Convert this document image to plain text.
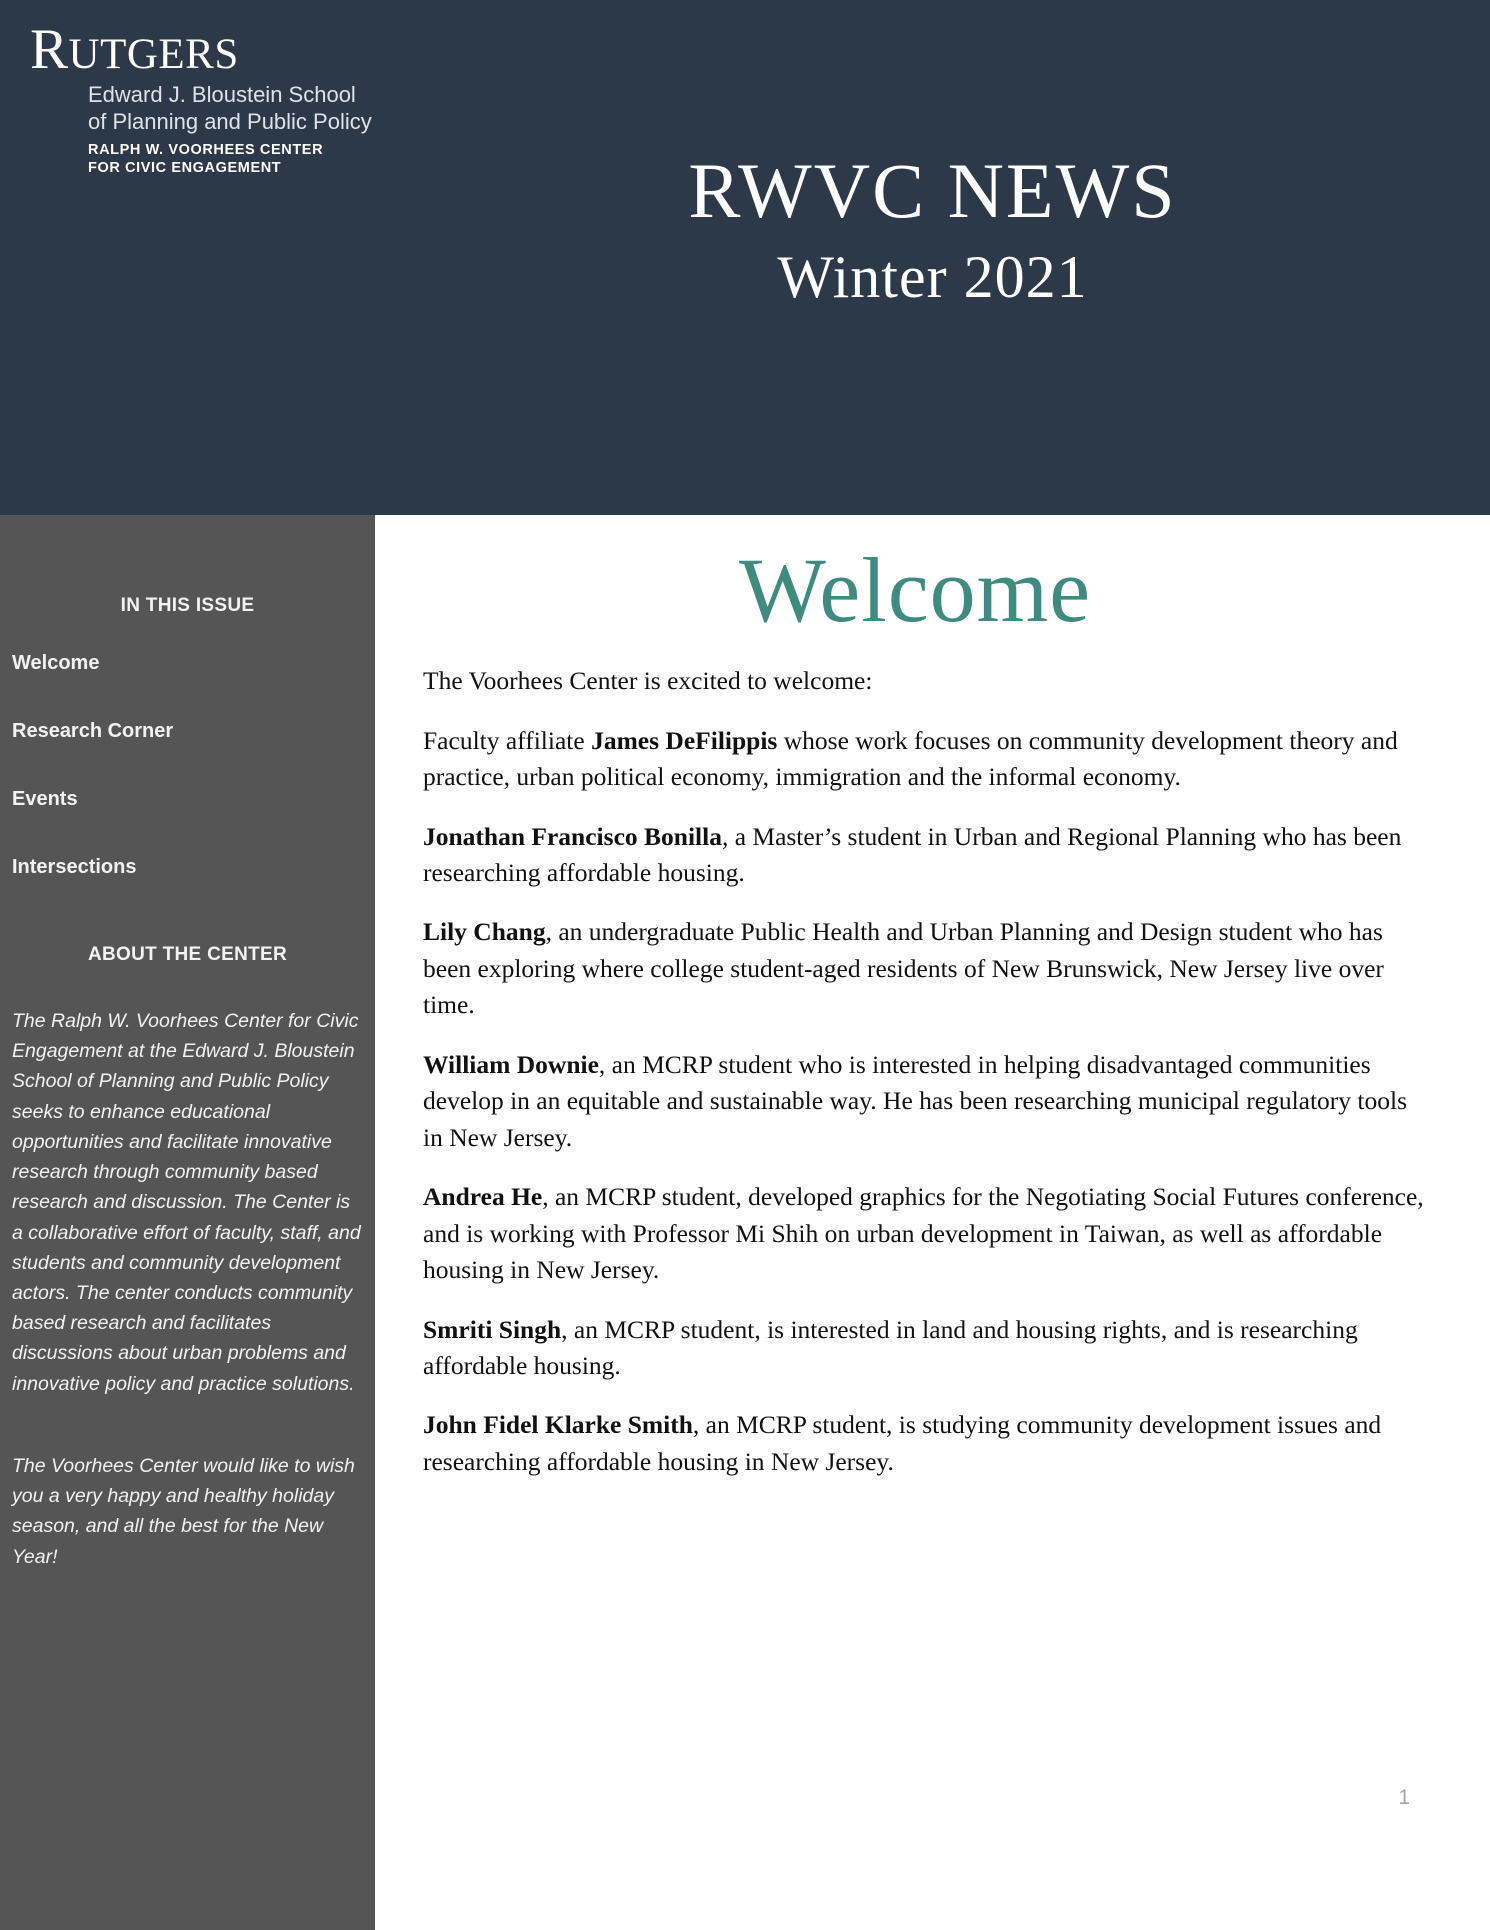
RUTGERS
Edward J. Bloustein School
of Planning and Public Policy
RALPH W. VOORHEES CENTER
FOR CIVIC ENGAGEMENT	RWVC NEWS
Winter 2021
IN THIS ISSUE
Welcome
Research Corner
Events
Intersections
ABOUT THE CENTER

The Ralph W. Voorhees Center for Civic Engagement at the Edward J. Bloustein School of Planning and Public Policy seeks to enhance educational opportunities and facilitate innovative research through community based research and discussion. The Center is a collaborative effort of faculty, staff, and students and community development actors. The center conducts community based research and facilitates discussions about urban problems and innovative policy and practice solutions.

The Voorhees Center would like to wish you a very happy and healthy holiday season, and all the best for the New Year!

Welcome

The Voorhees Center is excited to welcome:

Faculty affiliate James DeFilippis whose work focuses on community development theory and practice, urban political economy, immigration and the informal economy.

Jonathan Francisco Bonilla, a Master’s student in Urban and Regional Planning who has been researching affordable housing.

Lily Chang, an undergraduate Public Health and Urban Planning and Design student who has been exploring where college student-aged residents of New Brunswick, New Jersey live over time.

William Downie, an MCRP student who is interested in helping disadvantaged communities develop in an equitable and sustainable way. He has been researching municipal regulatory tools in New Jersey.

Andrea He, an MCRP student, developed graphics for the Negotiating Social Futures conference, and is working with Professor Mi Shih on urban development in Taiwan, as well as affordable housing in New Jersey.

Smriti Singh, an MCRP student, is interested in land and housing rights, and is researching affordable housing.

John Fidel Klarke Smith, an MCRP student, is studying community development issues and researching affordable housing in New Jersey.

1
